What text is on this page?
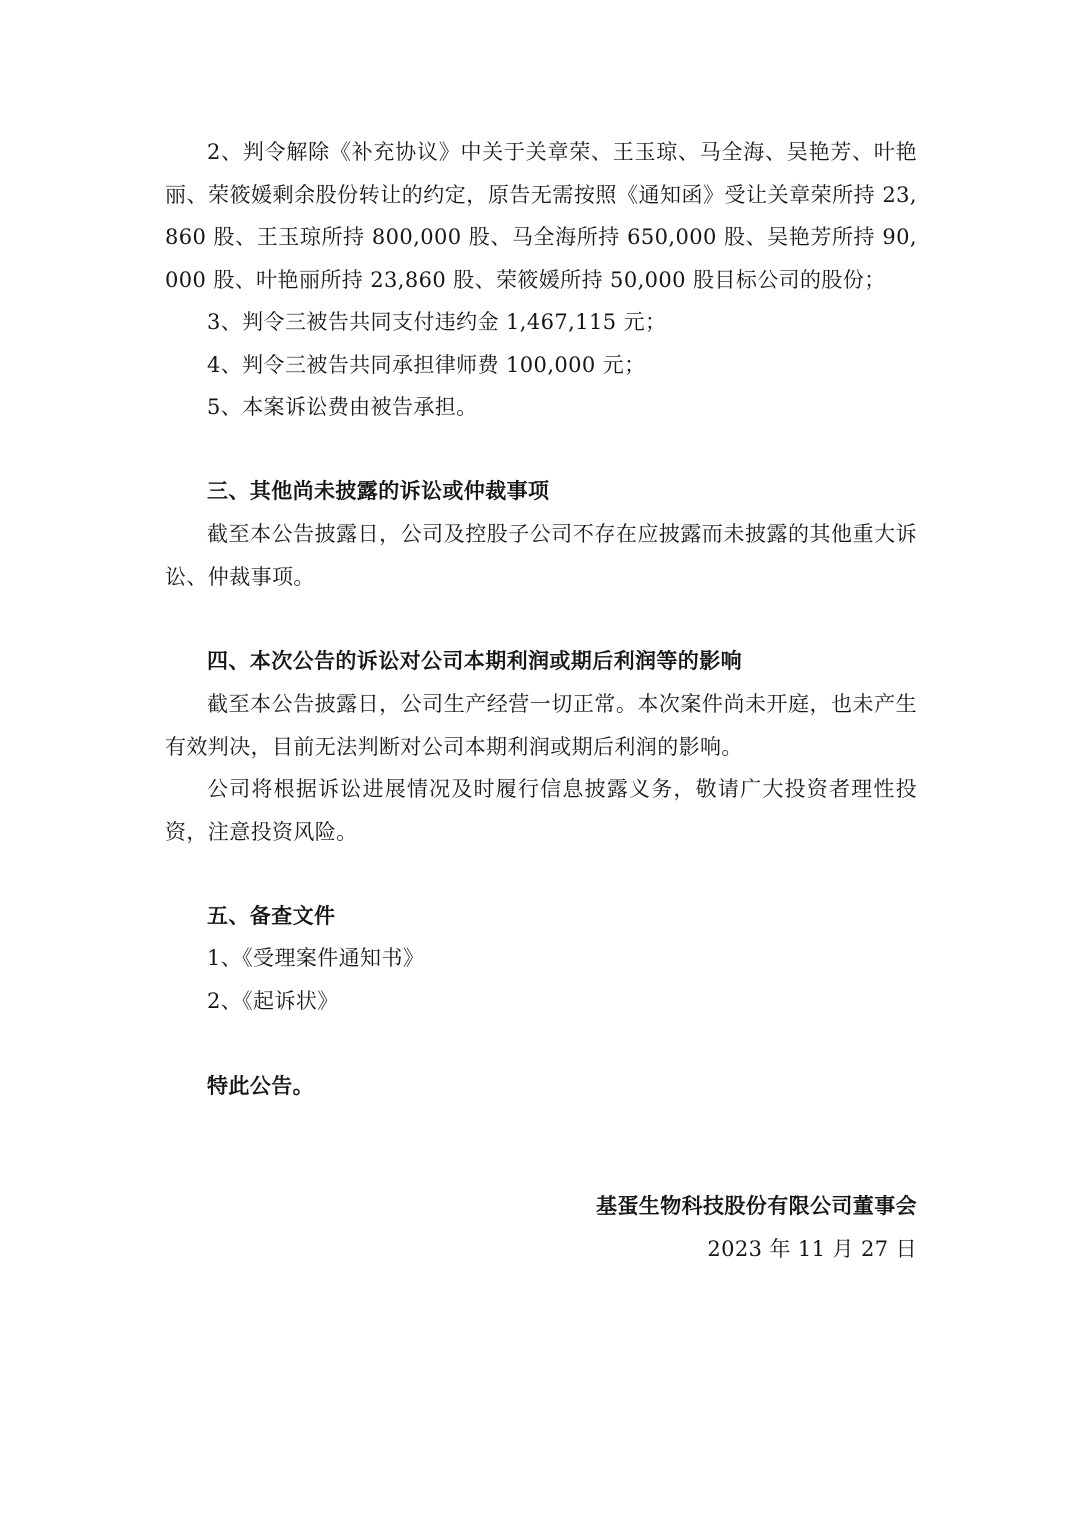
2、判令解除《补充协议》中关于关章荣、王玉琼、马全海、吴艳芳、叶艳丽、荣筱媛剩余股份转让的约定，原告无需按照《通知函》受让关章荣所持 23,860 股、王玉琼所持 800,000 股、马全海所持 650,000 股、吴艳芳所持 90,000 股、叶艳丽所持 23,860 股、荣筱媛所持 50,000 股目标公司的股份；

3、判令三被告共同支付违约金 1,467,115 元；
4、判令三被告共同承担律师费 100,000 元；
5、本案诉讼费由被告承担。
三、其他尚未披露的诉讼或仲裁事项

截至本公告披露日，公司及控股子公司不存在应披露而未披露的其他重大诉讼、仲裁事项。

四、本次公告的诉讼对公司本期利润或期后利润等的影响

截至本公告披露日，公司生产经营一切正常。本次案件尚未开庭，也未产生有效判决，目前无法判断对公司本期利润或期后利润的影响。

公司将根据诉讼进展情况及时履行信息披露义务，敬请广大投资者理性投资，注意投资风险。

五、备查文件
1、《受理案件通知书》
2、《起诉状》
特此公告。
基蛋生物科技股份有限公司董事会
2023 年 11 月 27 日
